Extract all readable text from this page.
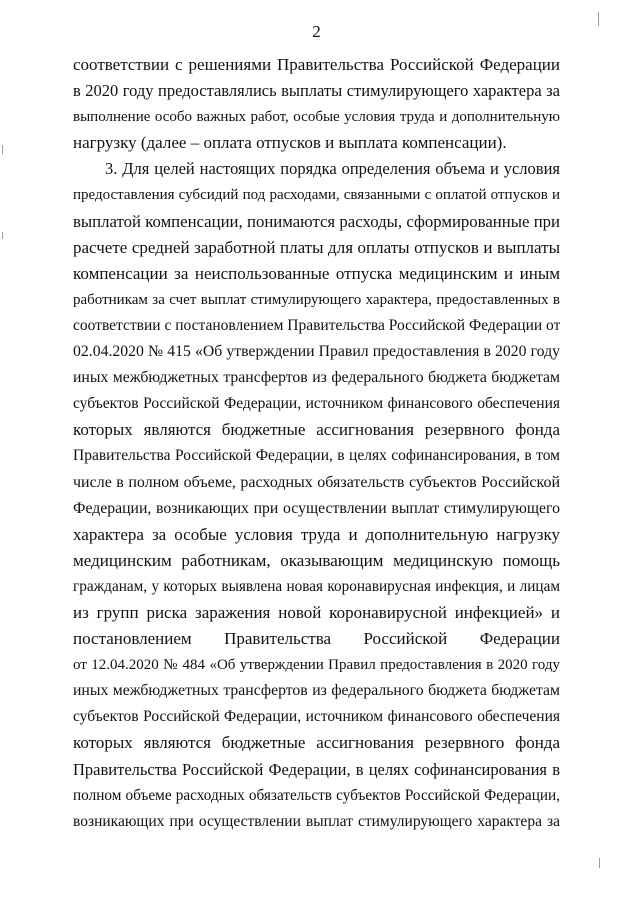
2
соответствии с решениями Правительства Российской Федерации
в 2020 году предоставлялись выплаты стимулирующего характера за
выполнение особо важных работ, особые условия труда и дополнительную
нагрузку (далее – оплата отпусков и выплата компенсации).
3. Для целей настоящих порядка определения объема и условия
предоставления субсидий под расходами, связанными с оплатой отпусков и
выплатой компенсации, понимаются расходы, сформированные при
расчете средней заработной платы для оплаты отпусков и выплаты
компенсации за неиспользованные отпуска медицинским и иным
работникам за счет выплат стимулирующего характера, предоставленных в
соответствии с постановлением Правительства Российской Федерации от
02.04.2020 № 415 «Об утверждении Правил предоставления в 2020 году
иных межбюджетных трансфертов из федерального бюджета бюджетам
субъектов Российской Федерации, источником финансового обеспечения
которых являются бюджетные ассигнования резервного фонда
Правительства Российской Федерации, в целях софинансирования, в том
числе в полном объеме, расходных обязательств субъектов Российской
Федерации, возникающих при осуществлении выплат стимулирующего
характера за особые условия труда и дополнительную нагрузку
медицинским работникам, оказывающим медицинскую помощь
гражданам, у которых выявлена новая коронавирусная инфекция, и лицам
из групп риска заражения новой коронавирусной инфекцией» и
постановлением Правительства Российской Федерации
от 12.04.2020 № 484 «Об утверждении Правил предоставления в 2020 году
иных межбюджетных трансфертов из федерального бюджета бюджетам
субъектов Российской Федерации, источником финансового обеспечения
которых являются бюджетные ассигнования резервного фонда
Правительства Российской Федерации, в целях софинансирования в
полном объеме расходных обязательств субъектов Российской Федерации,
возникающих при осуществлении выплат стимулирующего характера за
